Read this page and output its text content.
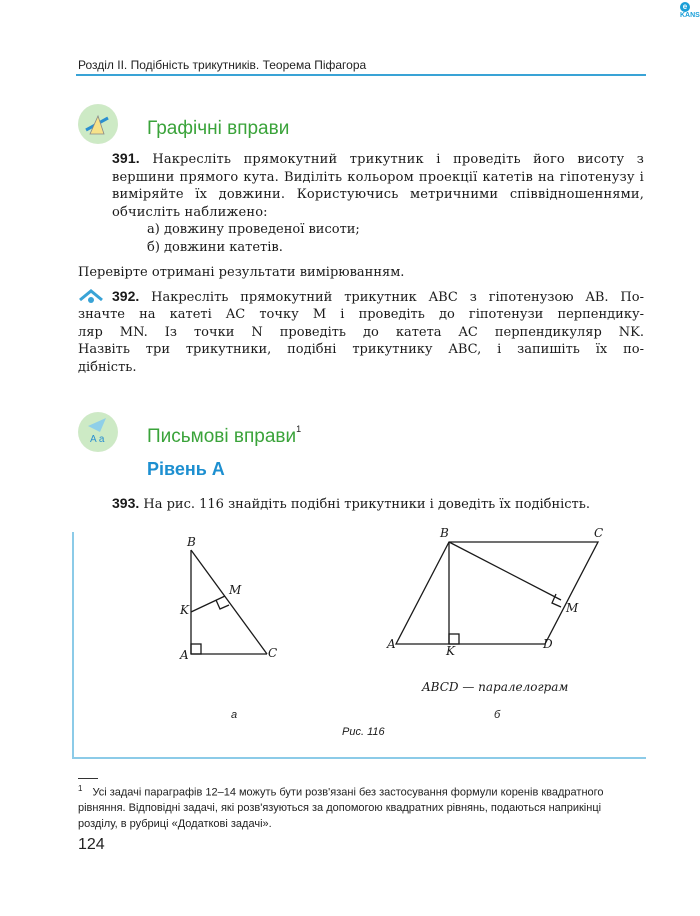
eKANS
Розділ ІІ. Подібність трикутників. Теорема Піфагора
Графічні вправи
391. Накресліть прямокутний трикутник і проведіть його висоту з вершини прямого кута. Виділіть кольором проекції катетів на гіпотенузу і виміряйте їх довжини. Користуючись метричними співвідношеннями, обчисліть наближено:
а) довжину проведеної висоти;
б) довжини катетів.
Перевірте отримані результати вимірюванням.
392. Накресліть прямокутний трикутник ABC з гіпотенузою AB. По-
значте на катеті AC точку M і проведіть до гіпотенузи перпендику-
ляр MN. Із точки N проведіть до катета AC перпендикуляр NK.
Назвіть три трикутники, подібні трикутнику ABC, і запишіть їх по-
дібність.
A a Письмові вправи$^1$
Рівень А
393. На рис. 116 знайдіть подібні трикутники і доведіть їх подібність.
B
M
K
A	C
B	C
M
A	K	D
ABCD — паралелограм
а	б
Рис. 116
$^1$ Усі задачі параграфів 12–14 можуть бути розв'язані без застосування формули коренів квадратного рівняння. Відповідні задачі, які розв'язуються за допомогою квадратних рівнянь, подаються наприкінці розділу, в рубриці «Додаткові задачі».
124
